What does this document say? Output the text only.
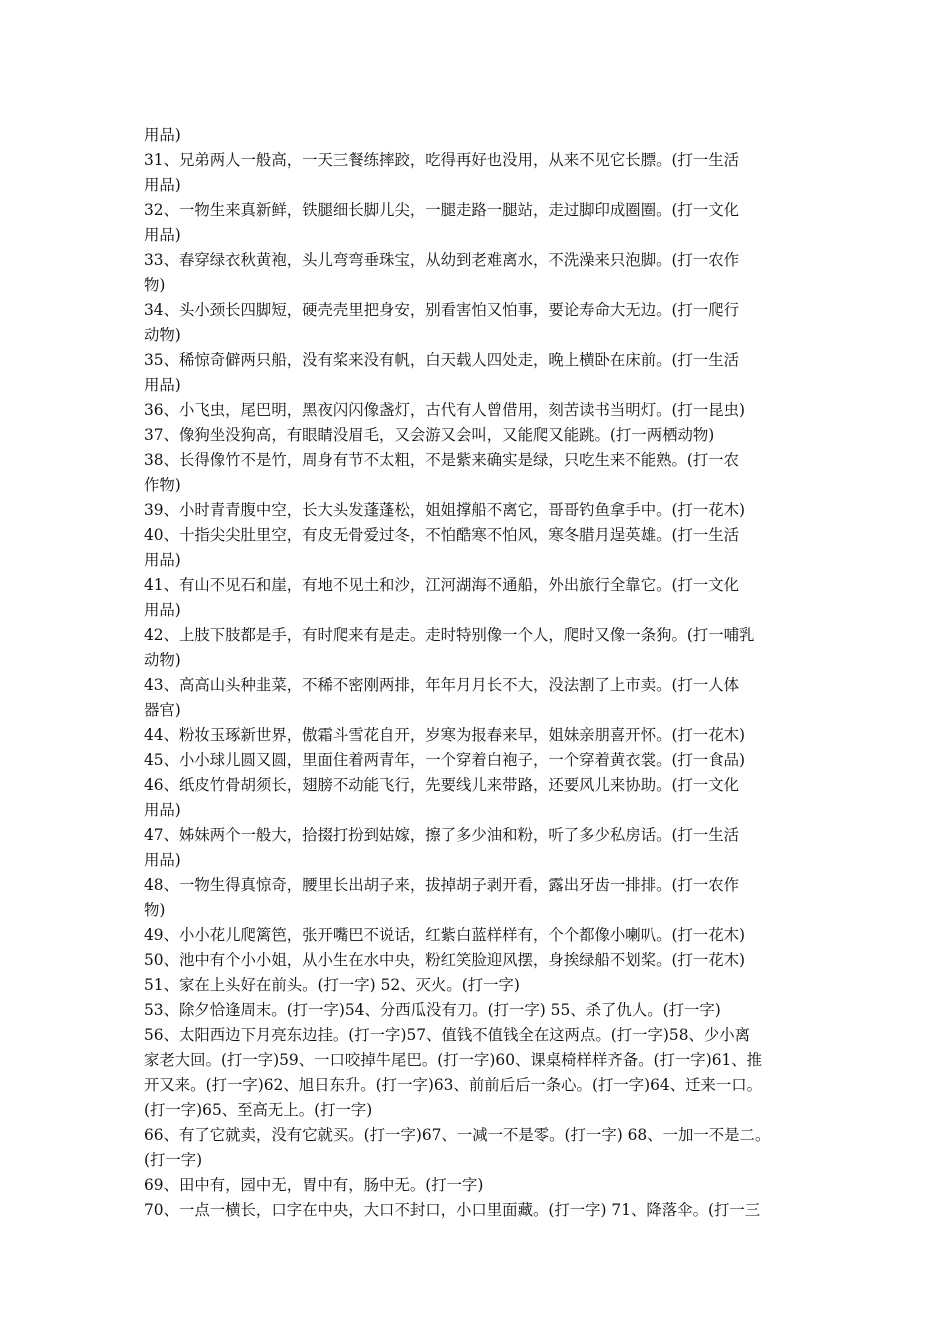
用品)
31、兄弟两人一般高，一天三餐练摔跤，吃得再好也没用，从来不见它长膘。(打一生活
用品)
32、一物生来真新鲜，铁腿细长脚儿尖，一腿走路一腿站，走过脚印成圈圈。(打一文化
用品)
33、春穿绿衣秋黄袍，头儿弯弯垂珠宝，从幼到老难离水，不洗澡来只泡脚。(打一农作
物)
34、头小颈长四脚短，硬壳壳里把身安，别看害怕又怕事，要论寿命大无边。(打一爬行
动物)
35、稀惊奇僻两只船，没有桨来没有帆，白天载人四处走，晚上横卧在床前。(打一生活
用品)
36、小飞虫，尾巴明，黑夜闪闪像盏灯，古代有人曾借用，刻苦读书当明灯。(打一昆虫)
37、像狗坐没狗高，有眼睛没眉毛，又会游又会叫，又能爬又能跳。(打一两栖动物)
38、长得像竹不是竹，周身有节不太粗，不是紫来确实是绿，只吃生来不能熟。(打一农
作物)
39、小时青青腹中空，长大头发蓬蓬松，姐姐撑船不离它，哥哥钓鱼拿手中。(打一花木)
40、十指尖尖肚里空，有皮无骨爱过冬，不怕酷寒不怕风，寒冬腊月逞英雄。(打一生活
用品)
41、有山不见石和崖，有地不见土和沙，江河湖海不通船，外出旅行全靠它。(打一文化
用品)
42、上肢下肢都是手，有时爬来有是走。走时特别像一个人，爬时又像一条狗。(打一哺乳
动物)
43、高高山头种韭菜，不稀不密刚两排，年年月月长不大，没法割了上市卖。(打一人体
器官)
44、粉妆玉琢新世界，傲霜斗雪花自开，岁寒为报春来早，姐妹亲朋喜开怀。(打一花木)
45、小小球儿圆又圆，里面住着两青年，一个穿着白袍子，一个穿着黄衣裳。(打一食品)
46、纸皮竹骨胡须长，翅膀不动能飞行，先要线儿来带路，还要风儿来协助。(打一文化
用品)
47、姊妹两个一般大，拾掇打扮到姑嫁，擦了多少油和粉，听了多少私房话。(打一生活
用品)
48、一物生得真惊奇，腰里长出胡子来，拔掉胡子剥开看，露出牙齿一排排。(打一农作
物)
49、小小花儿爬篱笆，张开嘴巴不说话，红紫白蓝样样有，个个都像小喇叭。(打一花木)
50、池中有个小小姐，从小生在水中央，粉红笑脸迎风摆，身挨绿船不划桨。(打一花木)
51、家在上头好在前头。(打一字) 52、灭火。(打一字)
53、除夕恰逢周末。(打一字)54、分西瓜没有刀。(打一字) 55、杀了仇人。(打一字)
56、太阳西边下月亮东边挂。(打一字)57、值钱不值钱全在这两点。(打一字)58、少小离
家老大回。(打一字)59、一口咬掉牛尾巴。(打一字)60、课桌椅样样齐备。(打一字)61、推
开又来。(打一字)62、旭日东升。(打一字)63、前前后后一条心。(打一字)64、迁来一口。
(打一字)65、至高无上。(打一字)
66、有了它就卖，没有它就买。(打一字)67、一减一不是零。(打一字) 68、一加一不是二。
(打一字)
69、田中有，园中无，胃中有，肠中无。(打一字)
70、一点一横长，口字在中央，大口不封口，小口里面藏。(打一字) 71、降落伞。(打一三
